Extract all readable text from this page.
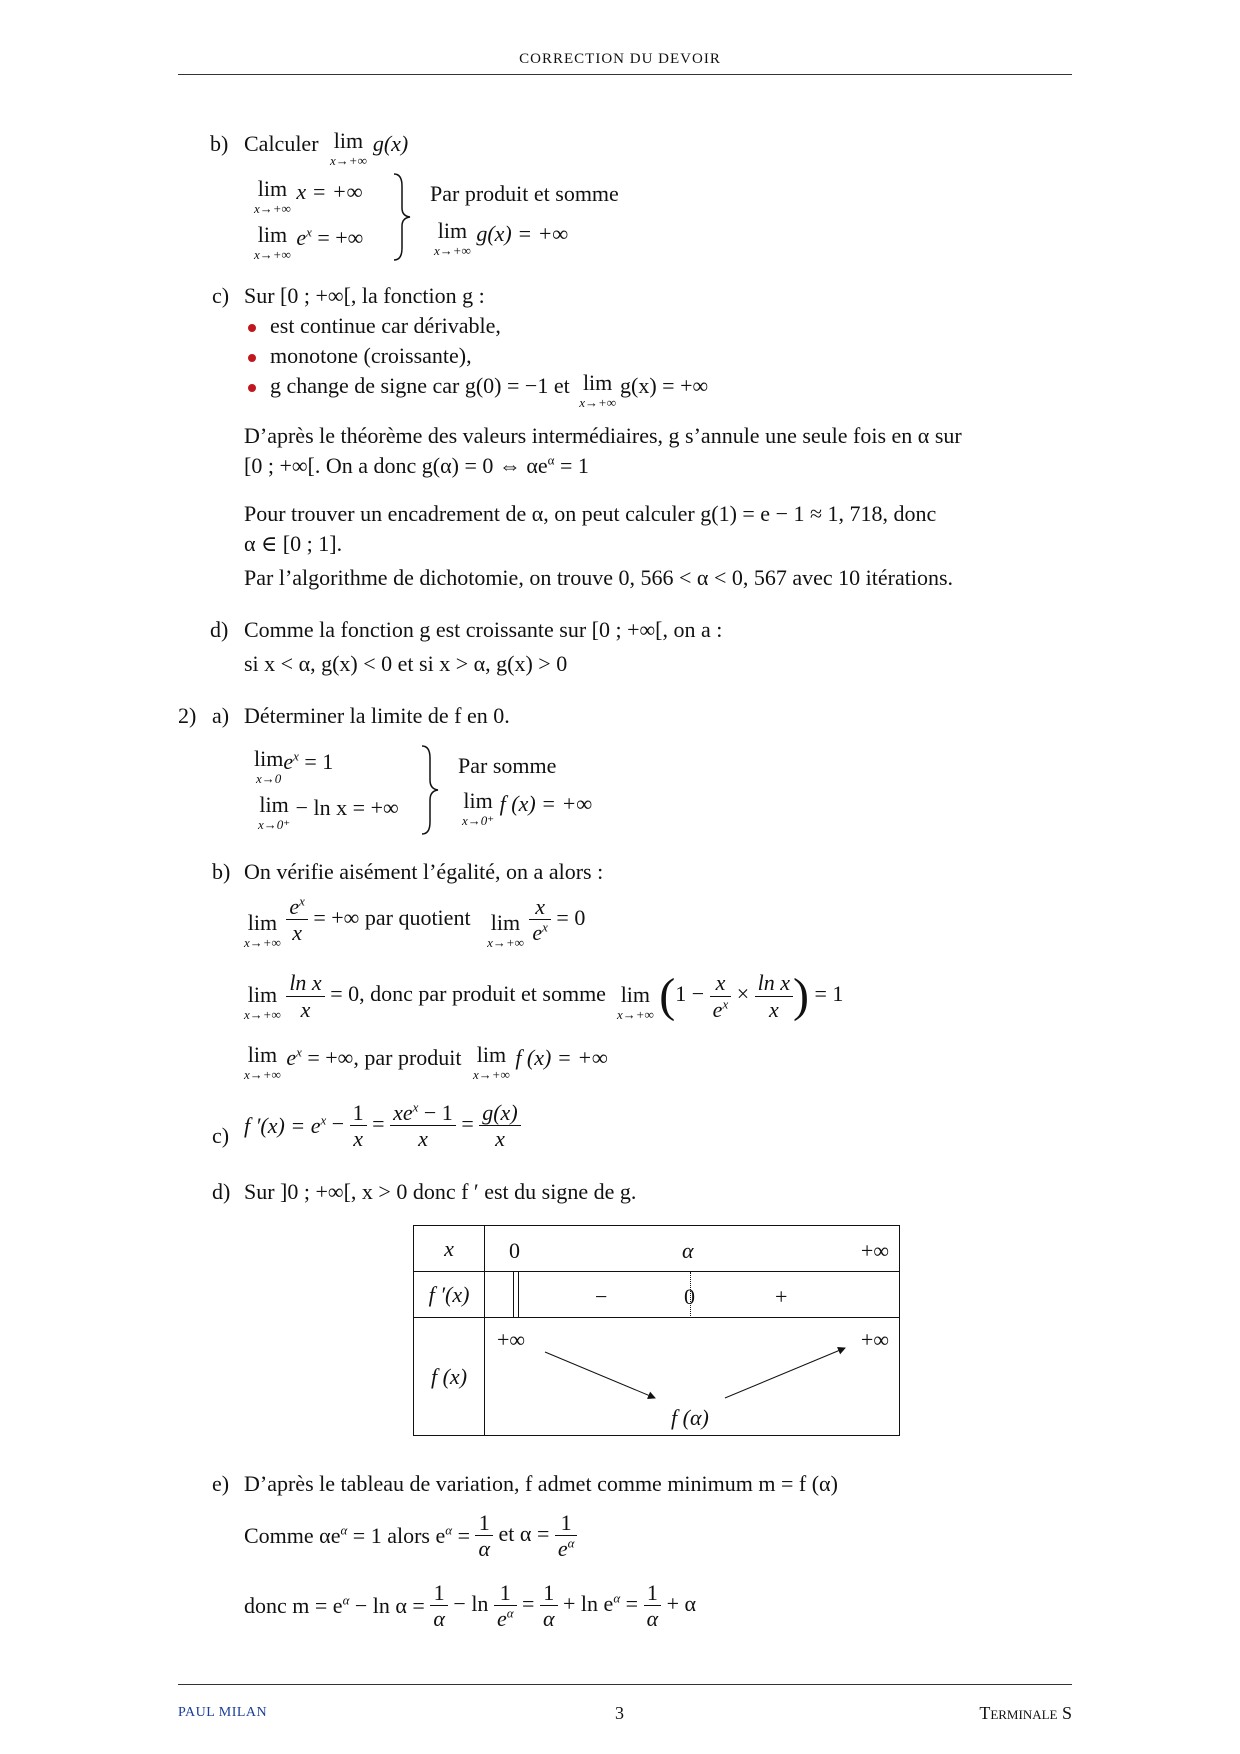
CORRECTION DU DEVOIR
b) Calculer lim
x→+∞
g(x)
lim
x→+∞
x = +∞
lim
x→+∞
$e^x$ = +∞
Par produit et somme
lim
x→+∞
g(x) = +∞
c) Sur [0 ; +∞[, la fonction g :
est continue car dérivable,
monotone (croissante),
g change de signe car g(0) = −1 et lim
x→+∞
g(x) = +∞
D’après le théorème des valeurs intermédiaires, g s’annule une seule fois en α sur
[0 ; +∞[. On a donc g(α) = 0 ⇔ $\alpha e^\alpha = 1$
Pour trouver un encadrement de α, on peut calculer g(1) = e − 1 ≈ 1, 718, donc
α ∈ [0 ; 1].
Par l’algorithme de dichotomie, on trouve 0, 566 < α < 0, 567 avec 10 itérations.
d) Comme la fonction g est croissante sur [0 ; +∞[, on a :
si x < α, g(x) < 0 et si x > α, g(x) > 0
2) a) Déterminer la limite de f en 0.
lim
x→0
$e^x = 1$
lim
x→0⁺
− ln x = +∞
Par somme
lim
x→0⁺
f (x) = +∞
b) On vérifie aisément l’égalité, on a alors :
lim
x→+∞
$\frac{e^x}{x}$ = +∞ par quotient lim
x→+∞
$\frac{x}{e^x} = 0$
lim
x→+∞
$\frac{\text{ln x}}{x} = 0$, donc par produit et somme lim
x→+∞ ($1 - \frac{x}{e^x} \times \frac{\text{ln x}}{x}$ ) = 1
lim
x→+∞
$e^x$ = +∞, par produit lim
x→+∞
f (x) = +∞
c) f $'(x) = e^x - \frac{1}{x} = \frac{xe^x - 1}{x} = \frac{g(x)}{x}$
d) Sur ]0 ; +∞[, x > 0 donc f ′ est du signe de g.
x	0 α +∞

f ′(x)	− 0 +

f (x)	+∞ +∞
f (α)
e) D’après le tableau de variation, f admet comme minimum m = f (α)
Comme $\alpha e^\alpha = 1$ alors $e^\alpha = \frac{1}{\alpha}$ et $\alpha = \frac{1}{e^\alpha}$
donc $m = e^\alpha - \ln \alpha = \frac{1}{\alpha} - \ln \frac{1}{e^\alpha} = \frac{1}{\alpha} + \ln e^\alpha = \frac{1}{\alpha} + \alpha$
PAUL MILAN	3	Terminale S
